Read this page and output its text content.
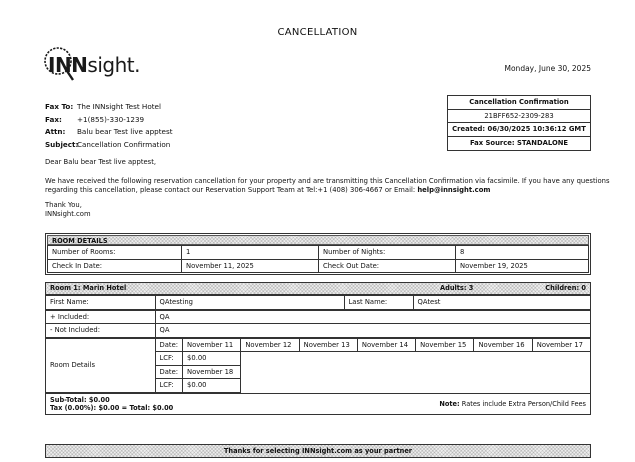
CANCELLATION
INNsight.	Monday, June 30, 2025
Fax To: The INNsight Test Hotel
Fax:	+1(855)-330-1239
Attn:	Balu bear Test live apptest
Subject:
Cancellation Confirmation
Cancellation Confirmation
21BFF652-2309-283
Created: 06/30/2025 10:36:12 GMT
Fax Source: STANDALONE
Dear Balu bear Test live apptest,
We have received the following reservation cancellation for your property and are transmitting this Cancellation Confirmation via facsimile. If you have any questions
regarding this cancellation, please contact our Reservation Support Team at Tel:+1 (408) 306-4667 or Email: help@innsight.com
Thank You,
INNsight.com
ROOM DETAILS
Number of Rooms:	1	Number of Nights:	8
Check In Date:	November 11, 2025	Check Out Date:	November 19, 2025
Room 1: Marin Hotel	Adults: 3	Children: 0
First Name:	QAtesting	Last Name:	QAtest
+ Included:	QA
- Not Included:	QA
Room Details	Date:	November 11	November 12	November 13	November 14	November 15	November 16	November 17
	LCF:	$0.00						
	Date:	November 18						
	LCF:	$0.00						
Sub-Total: $0.00
Tax (0.00%): $0.00 = Total: $0.00
Note: Rates include Extra Person/Child Fees
Thanks for selecting INNsight.com as your partner
